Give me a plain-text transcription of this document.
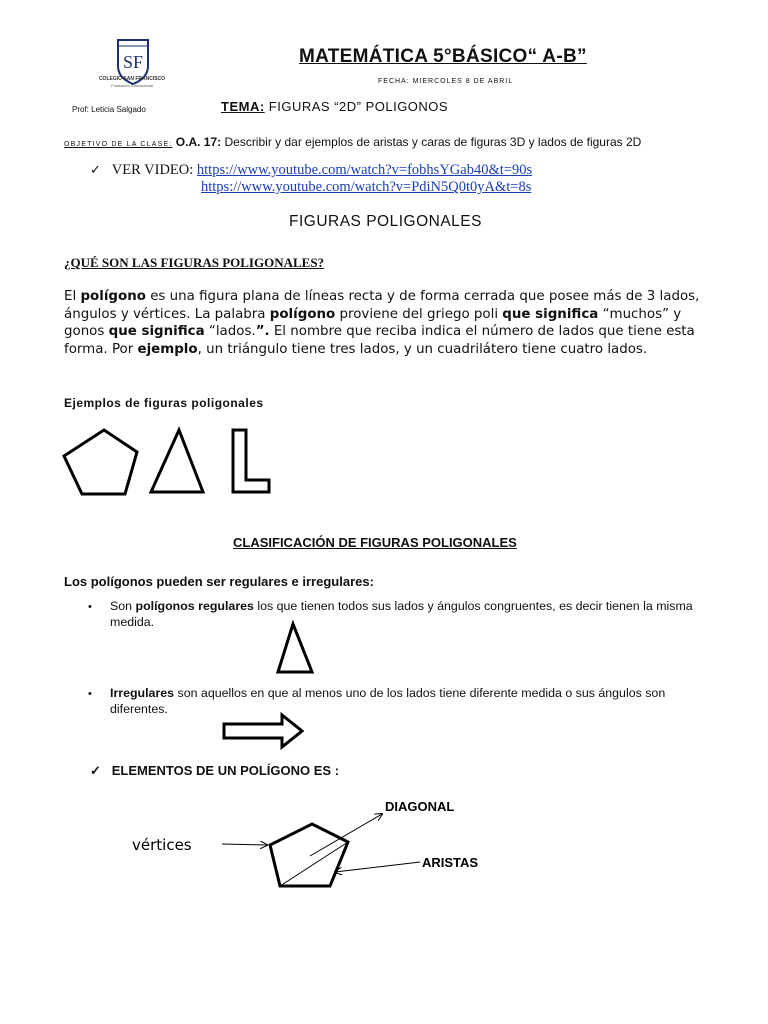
SF
COLEGIO SAN FRANCISCO
Fundación Educacional
MATEMÁTICA 5°BÁSICO“ A-B”
FECHA: MIERCOLES 8 DE ABRIL
Prof: Leticia Salgado	TEMA: FIGURAS “2D” POLIGONOS
OBJETIVO DE LA CLASE: O.A. 17: Describir y dar ejemplos de aristas y caras de figuras 3D y lados de figuras 2D
✓ VER VIDEO: https://www.youtube.com/watch?v=fobhsYGab40&t=90s
https://www.youtube.com/watch?v=PdiN5Q0t0yA&t=8s
FIGURAS POLIGONALES
¿QUÉ SON LAS FIGURAS POLIGONALES?
El polígono es una figura plana de líneas recta y de forma cerrada que posee más de 3 lados, ángulos y vértices. La palabra polígono proviene del griego poli que significa “muchos” y gonos que significa “lados.”. El nombre que reciba indica el número de lados que tiene esta forma. Por ejemplo, un triángulo tiene tres lados, y un cuadrilátero tiene cuatro lados.
Ejemplos de figuras poligonales
CLASIFICACIÓN DE FIGURAS POLIGONALES
Los polígonos pueden ser regulares e irregulares:
• Son polígonos regulares los que tienen todos sus lados y ángulos congruentes, es decir tienen la misma medida.
• Irregulares son aquellos en que al menos uno de los lados tiene diferente medida o sus ángulos son diferentes.
✓ ELEMENTOS DE UN POLÍGONO ES :
DIAGONAL
vértices
ARISTAS
